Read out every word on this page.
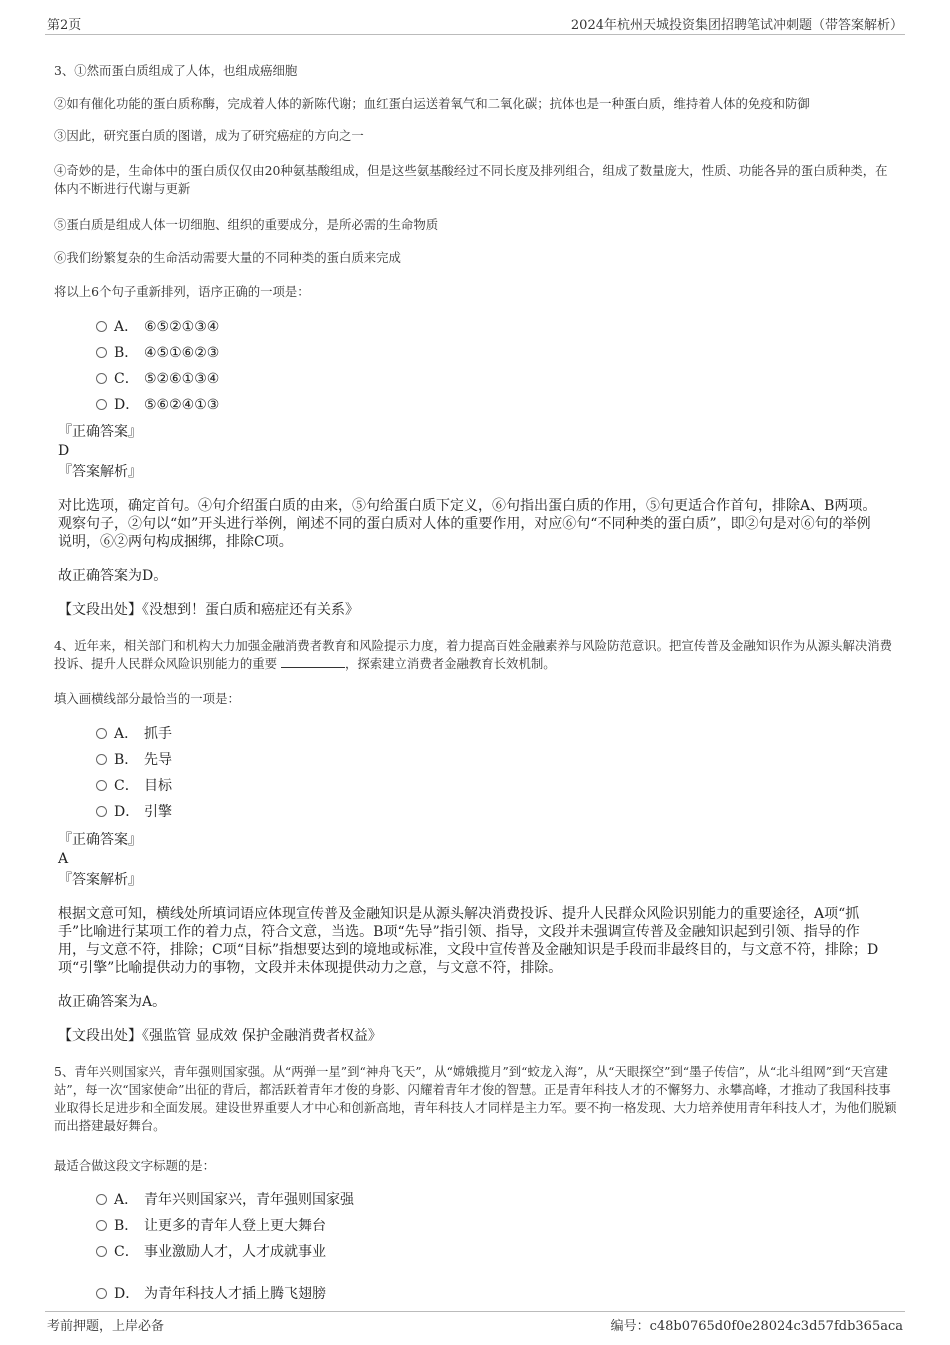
第2页	2024年杭州天城投资集团招聘笔试冲刺题（带答案解析）

3、①然而蛋白质组成了人体，也组成癌细胞

②如有催化功能的蛋白质称酶，完成着人体的新陈代谢；血红蛋白运送着氧气和二氧化碳；抗体也是一种蛋白质，维持着人体的免疫和防御

③因此，研究蛋白质的图谱，成为了研究癌症的方向之一

④奇妙的是，生命体中的蛋白质仅仅由20种氨基酸组成，但是这些氨基酸经过不同长度及排列组合，组成了数量庞大，性质、功能各异的蛋白质种类，在体内不断进行代谢与更新

⑤蛋白质是组成人体一切细胞、组织的重要成分，是所必需的生命物质

⑥我们纷繁复杂的生命活动需要大量的不同种类的蛋白质来完成

将以上6个句子重新排列，语序正确的一项是：

A． ⑥⑤②①③④
B． ④⑤①⑥②③
C． ⑤②⑥①③④
D． ⑤⑥②④①③
『正确答案』
D
『答案解析』

对比选项，确定首句。④句介绍蛋白质的由来，⑤句给蛋白质下定义，⑥句指出蛋白质的作用，⑤句更适合作首句，排除A、B两项。观察句子，②句以“如”开头进行举例，阐述不同的蛋白质对人体的重要作用，对应⑥句“不同种类的蛋白质”，即②句是对⑥句的举例说明，⑥②两句构成捆绑，排除C项。

故正确答案为D。
【文段出处】《没想到！蛋白质和癌症还有关系》

4、近年来，相关部门和机构大力加强金融消费者教育和风险提示力度，着力提高百姓金融素养与风险防范意识。把宣传普及金融知识作为从源头解决消费投诉、提升人民群众风险识别能力的重要	，探索建立消费者金融教育长效机制。

填入画横线部分最恰当的一项是：

A． 抓手
B． 先导
C． 目标
D． 引擎
『正确答案』
A
『答案解析』

根据文意可知，横线处所填词语应体现宣传普及金融知识是从源头解决消费投诉、提升人民群众风险识别能力的重要途径，A项“抓手”比喻进行某项工作的着力点，符合文意，当选。B项“先导”指引领、指导，文段并未强调宣传普及金融知识起到引领、指导的作用，与文意不符，排除；C项“目标”指想要达到的境地或标准，文段中宣传普及金融知识是手段而非最终目的，与文意不符，排除；D项“引擎”比喻提供动力的事物，文段并未体现提供动力之意，与文意不符，排除。

故正确答案为A。
【文段出处】《强监管 显成效 保护金融消费者权益》

5、青年兴则国家兴，青年强则国家强。从“两弹一星”到“神舟飞天”，从“嫦娥揽月”到“蛟龙入海”，从“天眼探空”到“墨子传信”，从“北斗组网”到“天宫建站”，每一次“国家使命”出征的背后，都活跃着青年才俊的身影、闪耀着青年才俊的智慧。正是青年科技人才的不懈努力、永攀高峰，才推动了我国科技事业取得长足进步和全面发展。建设世界重要人才中心和创新高地，青年科技人才同样是主力军。要不拘一格发现、大力培养使用青年科技人才，为他们脱颖而出搭建最好舞台。

最适合做这段文字标题的是：

A． 青年兴则国家兴，青年强则国家强
B． 让更多的青年人登上更大舞台
C． 事业激励人才，人才成就事业
D． 为青年科技人才插上腾飞翅膀
考前押题，上岸必备	编号：c48b0765d0f0e28024c3d57fdb365aca
